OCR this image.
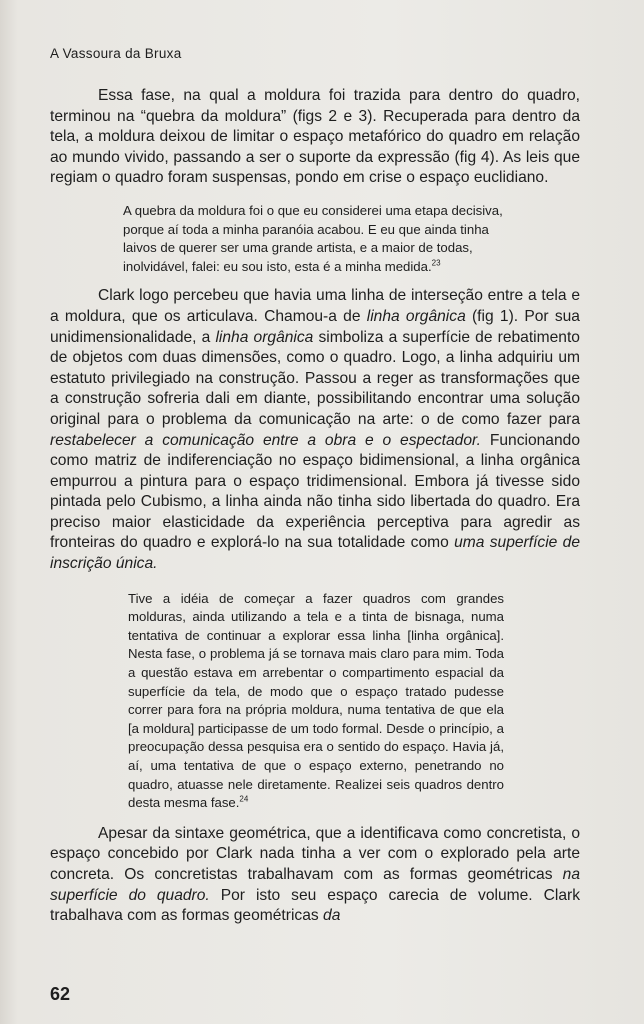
A Vassoura da Bruxa

Essa fase, na qual a moldura foi trazida para dentro do quadro, terminou na “quebra da moldura” (figs 2 e 3). Recuperada para dentro da tela, a moldura deixou de limitar o espaço metafórico do quadro em relação ao mundo vivido, passando a ser o suporte da expressão (fig 4). As leis que regiam o quadro foram suspensas, pondo em crise o espaço euclidiano.

A quebra da moldura foi o que eu considerei uma etapa decisiva, porque aí toda a minha paranóia acabou. E eu que ainda tinha laivos de querer ser uma grande artista, e a maior de todas, inolvidável, falei: eu sou isto, esta é a minha medida.$^{23}$

Clark logo percebeu que havia uma linha de interseção entre a tela e a moldura, que os articulava. Chamou-a de linha orgânica (fig 1). Por sua unidimensionalidade, a linha orgânica simboliza a superfície de rebatimento de objetos com duas dimensões, como o quadro. Logo, a linha adquiriu um estatuto privilegiado na construção. Passou a reger as transformações que a construção sofreria dali em diante, possibilitando encontrar uma solução original para o problema da comunicação na arte: o de como fazer para restabelecer a comunicação entre a obra e o espectador. Funcionando como matriz de indiferenciação no espaço bidimensional, a linha orgânica empurrou a pintura para o espaço tridimensional. Embora já tivesse sido pintada pelo Cubismo, a linha ainda não tinha sido libertada do quadro. Era preciso maior elasticidade da experiência perceptiva para agredir as fronteiras do quadro e explorá-lo na sua totalidade como uma superfície de inscrição única.

Tive a idéia de começar a fazer quadros com grandes molduras, ainda utilizando a tela e a tinta de bisnaga, numa tentativa de continuar a explorar essa linha [linha orgânica]. Nesta fase, o problema já se tornava mais claro para mim. Toda a questão estava em arrebentar o compartimento espacial da superfície da tela, de modo que o espaço tratado pudesse correr para fora na própria moldura, numa tentativa de que ela [a moldura] participasse de um todo formal. Desde o princípio, a preocupação dessa pesquisa era o sentido do espaço. Havia já, aí, uma tentativa de que o espaço externo, penetrando no quadro, atuasse nele diretamente. Realizei seis quadros dentro desta mesma fase.$^{24}$

Apesar da sintaxe geométrica, que a identificava como concretista, o espaço concebido por Clark nada tinha a ver com o explorado pela arte concreta. Os concretistas trabalhavam com as formas geométricas na superfície do quadro. Por isto seu espaço carecia de volume. Clark trabalhava com as formas geométricas da

62
